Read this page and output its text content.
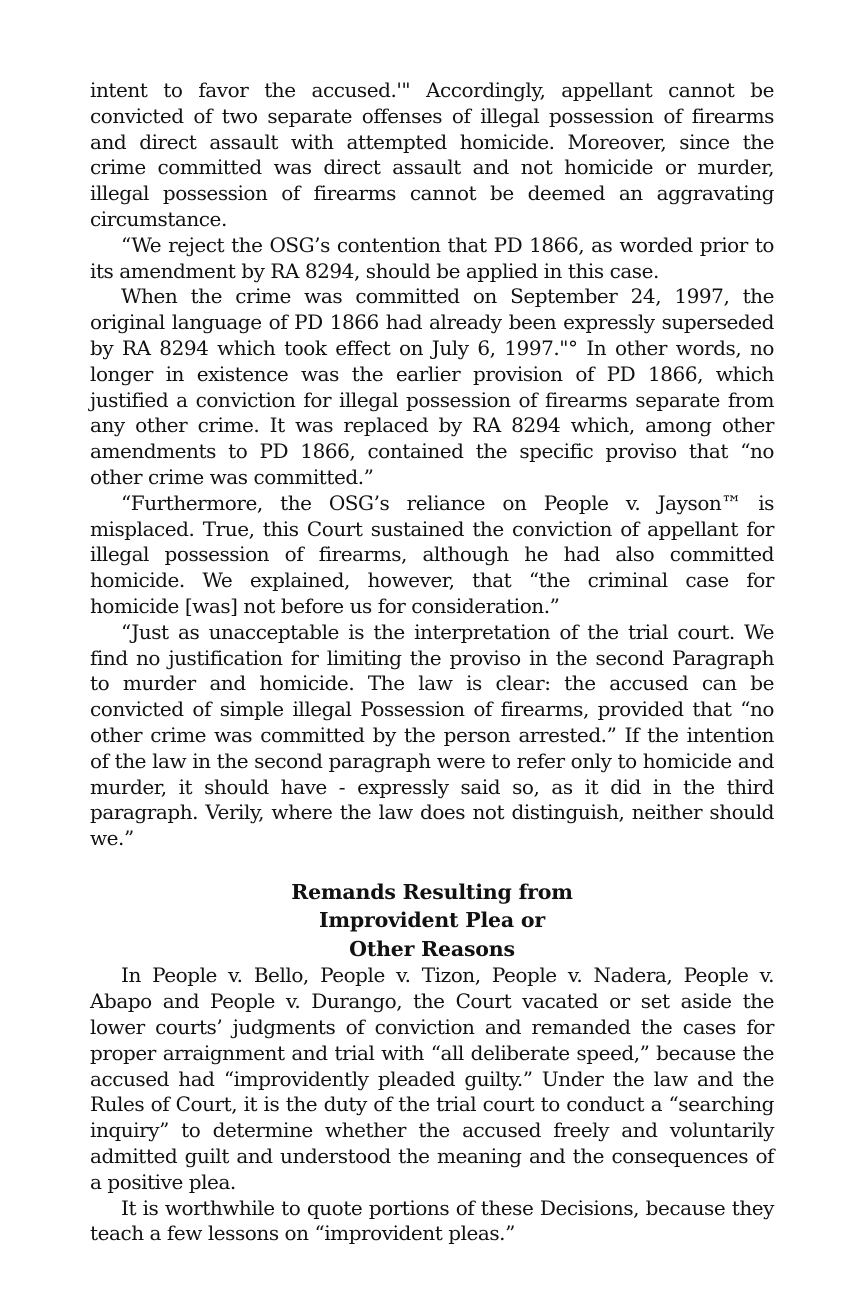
intent to favor the accused.'" Accordingly, appellant cannot be convicted of two separate offenses of illegal possession of firearms and direct assault with attempted homicide. Moreover, since the crime committed was direct assault and not homicide or murder, illegal possession of firearms cannot be deemed an aggravating circumstance.

“We reject the OSG’s contention that PD 1866, as worded prior to its amendment by RA 8294, should be applied in this case.

When the crime was committed on September 24, 1997, the original language of PD 1866 had already been expressly superseded by RA 8294 which took effect on July 6, 1997."° In other words, no longer in existence was the earlier provision of PD 1866, which justified a conviction for illegal possession of firearms separate from any other crime. It was replaced by RA 8294 which, among other amendments to PD 1866, contained the specific proviso that “no other crime was committed.”

“Furthermore, the OSG’s reliance on People v. Jayson™ is misplaced. True, this Court sustained the conviction of appellant for illegal possession of firearms, although he had also committed homicide. We explained, however, that “the criminal case for homicide [was] not before us for consideration.”

“Just as unacceptable is the interpretation of the trial court. We find no justification for limiting the proviso in the second Paragraph to murder and homicide. The law is clear: the accused can be convicted of simple illegal Possession of firearms, provided that “no other crime was committed by the person arrested.” If the intention of the law in the second paragraph were to refer only to homicide and murder, it should have - expressly said so, as it did in the third paragraph. Verily, where the law does not distinguish, neither should we.”

Remands Resulting from
Improvident Plea or
Other Reasons

In People v. Bello, People v. Tizon, People v. Nadera, People v. Abapo and People v. Durango, the Court vacated or set aside the lower courts’ judgments of conviction and remanded the cases for proper arraignment and trial with “all deliberate speed,” because the accused had “improvidently pleaded guilty.” Under the law and the Rules of Court, it is the duty of the trial court to conduct a “searching inquiry” to determine whether the accused freely and voluntarily admitted guilt and understood the meaning and the consequences of a positive plea.

It is worthwhile to quote portions of these Decisions, because they teach a few lessons on “improvident pleas.”
